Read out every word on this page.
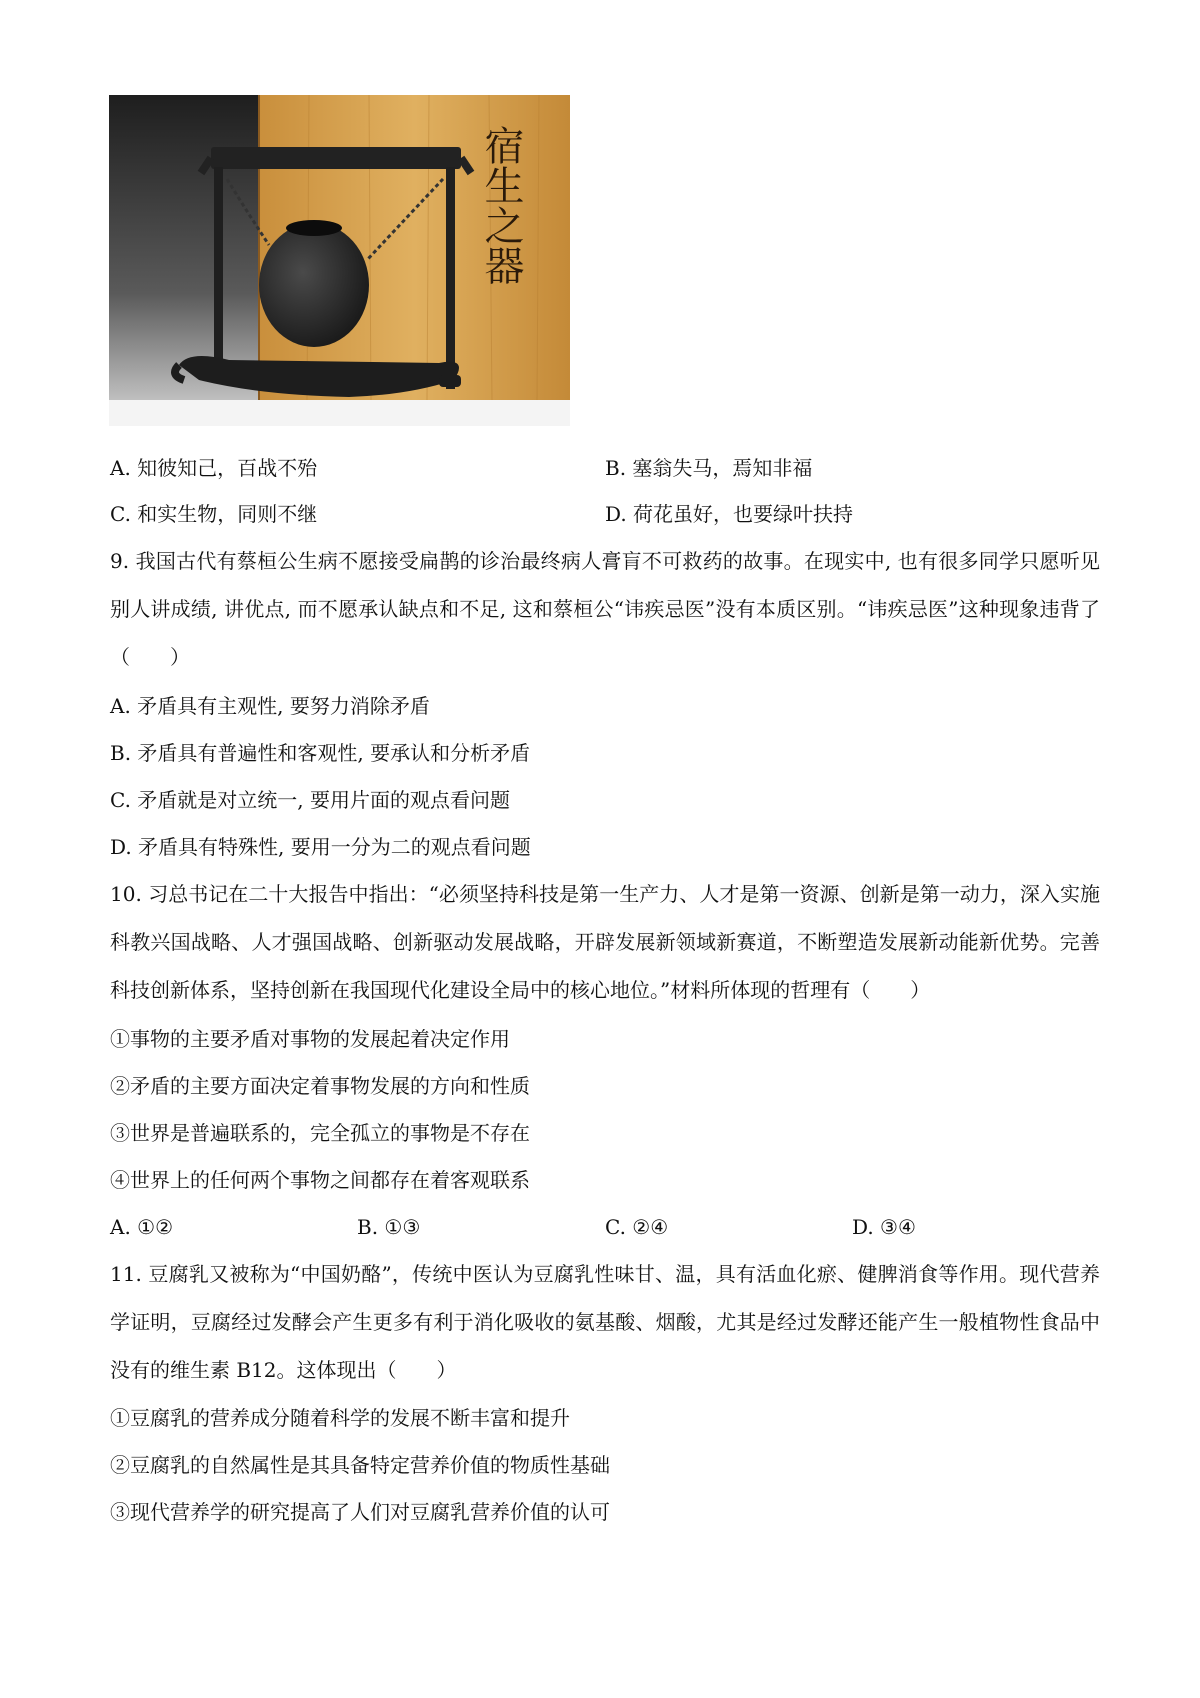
宿生之器
A. 知彼知己，百战不殆	B. 塞翁失马，焉知非福
C. 和实生物，同则不继	D. 荷花虽好，也要绿叶扶持
9. 我国古代有蔡桓公生病不愿接受扁鹊的诊治最终病人膏肓不可救药的故事。在现实中, 也有很多同学只愿听见别人讲成绩, 讲优点, 而不愿承认缺点和不足, 这和蔡桓公“讳疾忌医”没有本质区别。“讳疾忌医”这种现象违背了（　　）
A. 矛盾具有主观性, 要努力消除矛盾
B. 矛盾具有普遍性和客观性, 要承认和分析矛盾
C. 矛盾就是对立统一, 要用片面的观点看问题
D. 矛盾具有特殊性, 要用一分为二的观点看问题
10. 习总书记在二十大报告中指出：“必须坚持科技是第一生产力、人才是第一资源、创新是第一动力，深入实施科教兴国战略、人才强国战略、创新驱动发展战略，开辟发展新领域新赛道，不断塑造发展新动能新优势。完善科技创新体系，坚持创新在我国现代化建设全局中的核心地位。”材料所体现的哲理有（　　）
①事物的主要矛盾对事物的发展起着决定作用
②矛盾的主要方面决定着事物发展的方向和性质
③世界是普遍联系的，完全孤立的事物是不存在
④世界上的任何两个事物之间都存在着客观联系
A. ①②	B. ①③	C. ②④	D. ③④
11. 豆腐乳又被称为“中国奶酪”，传统中医认为豆腐乳性味甘、温，具有活血化瘀、健脾消食等作用。现代营养学证明，豆腐经过发酵会产生更多有利于消化吸收的氨基酸、烟酸，尤其是经过发酵还能产生一般植物性食品中没有的维生素 B12。这体现出（　　）
①豆腐乳的营养成分随着科学的发展不断丰富和提升
②豆腐乳的自然属性是其具备特定营养价值的物质性基础
③现代营养学的研究提高了人们对豆腐乳营养价值的认可
